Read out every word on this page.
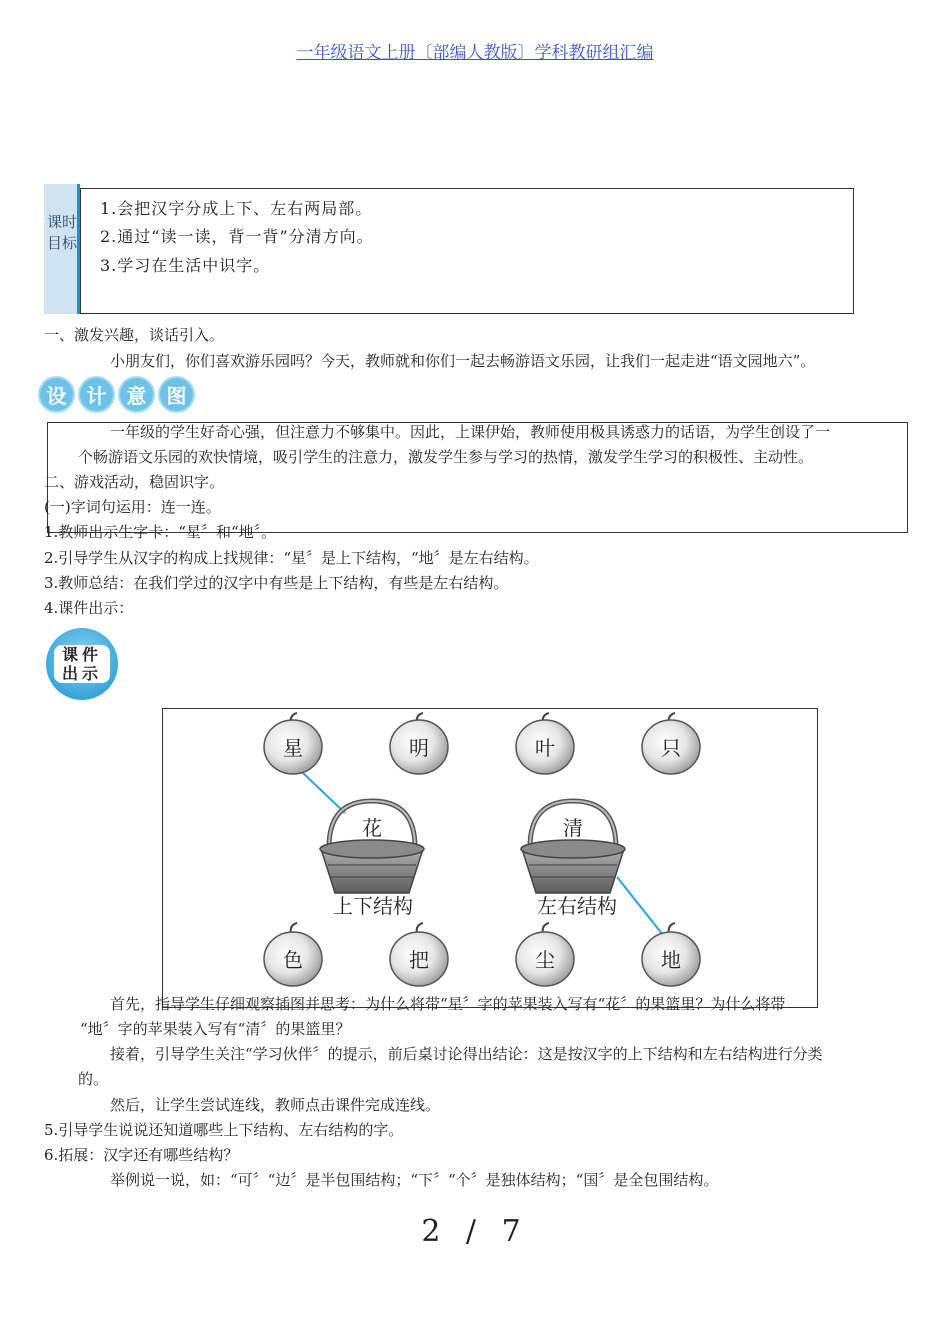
一年级语文上册〔部编人教版〕学科教研组汇编
课时目标
1.会把汉字分成上下、左右两局部。
2.通过“读一读，背一背”分清方向。
3.学习在生活中识字。
一、激发兴趣，谈话引入。
小朋友们，你们喜欢游乐园吗？今天，教师就和你们一起去畅游语文乐园，让我们一起走进“语文园地六”。
设	计	意	图
一年级的学生好奇心强，但注意力不够集中。因此，上课伊始，教师使用极具诱惑力的话语，为学生创设了一
个畅游语文乐园的欢快情境，吸引学生的注意力，激发学生参与学习的热情，激发学生学习的积极性、主动性。
二、游戏活动，稳固识字。
(一)字词句运用：连一连。
1.教师出示生字卡：“星〞和“地〞。
2.引导学生从汉字的构成上找规律：“星〞是上下结构，“地〞是左右结构。
3.教师总结：在我们学过的汉字中有些是上下结构，有些是左右结构。
4.课件出示：
课件出示
星	明	叶	只
花
上下结构
清
左右结构
色	把	尘	地
首先，指导学生仔细观察插图并思考：为什么将带“星〞字的苹果装入写有“花〞的果篮里？为什么将带
“地〞字的苹果装入写有“清〞的果篮里？
接着，引导学生关注“学习伙伴〞的提示，前后桌讨论得出结论：这是按汉字的上下结构和左右结构进行分类
的。
然后，让学生尝试连线，教师点击课件完成连线。
5.引导学生说说还知道哪些上下结构、左右结构的字。
6.拓展：汉字还有哪些结构？
举例说一说，如：“可〞“边〞是半包围结构；“下〞“个〞是独体结构；“国〞是全包围结构。
2 / 7
